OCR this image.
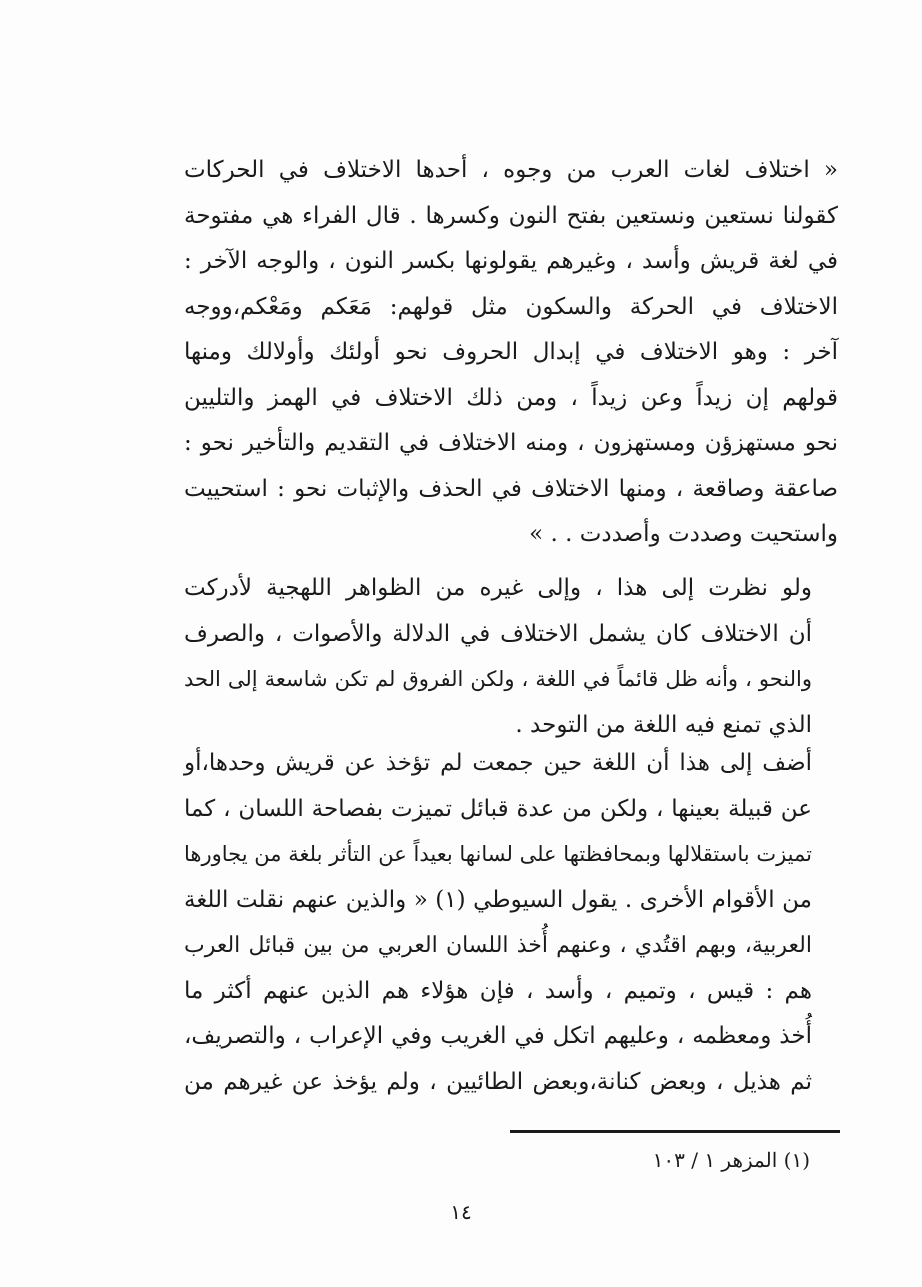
« اختلاف لغات العرب من وجوه ، أحدها الاختلاف في الحركات
كقولنا نستعين ونستعين بفتح النون وكسرها . قال الفراء هي مفتوحة
في لغة قريش وأسد ، وغيرهم يقولونها بكسر النون ، والوجه الآخر :
الاختلاف في الحركة والسكون مثل قولهم: مَعَكم ومَعْكم،ووجه
آخر : وهو الاختلاف في إبدال الحروف نحو أولئك وأولالك ومنها
قولهم إن زيداً وعن زيداً ، ومن ذلك الاختلاف في الهمز والتليين
نحو مستهزؤن ومستهزون ، ومنه الاختلاف في التقديم والتأخير نحو :
صاعقة وصاقعة ، ومنها الاختلاف في الحذف والإثبات نحو : استحييت
واستحيت وصددت وأصددت . . »
ولو نظرت إلى هذا ، وإلى غيره من الظواهر اللهجية لأدركت
أن الاختلاف كان يشمل الاختلاف في الدلالة والأصوات ، والصرف
والنحو ، وأنه ظل قائماً في اللغة ، ولكن الفروق لم تكن شاسعة إلى الحد
الذي تمنع فيه اللغة من التوحد .
أضف إلى هذا أن اللغة حين جمعت لم تؤخذ عن قريش وحدها،أو
عن قبيلة بعينها ، ولكن من عدة قبائل تميزت بفصاحة اللسان ، كما
تميزت باستقلالها وبمحافظتها على لسانها بعيداً عن التأثر بلغة من يجاورها
من الأقوام الأخرى . يقول السيوطي (١) « والذين عنهم نقلت اللغة
العربية، وبهم اقتُدي ، وعنهم أُخذ اللسان العربي من بين قبائل العرب
هم : قيس ، وتميم ، وأسد ، فإن هؤلاء هم الذين عنهم أكثر ما
أُخذ ومعظمه ، وعليهم اتكل في الغريب وفي الإعراب ، والتصريف،
ثم هذيل ، وبعض كنانة،وبعض الطائيين ، ولم يؤخذ عن غيرهم من
(١) المزهر ١ / ١٠٣
١٤
